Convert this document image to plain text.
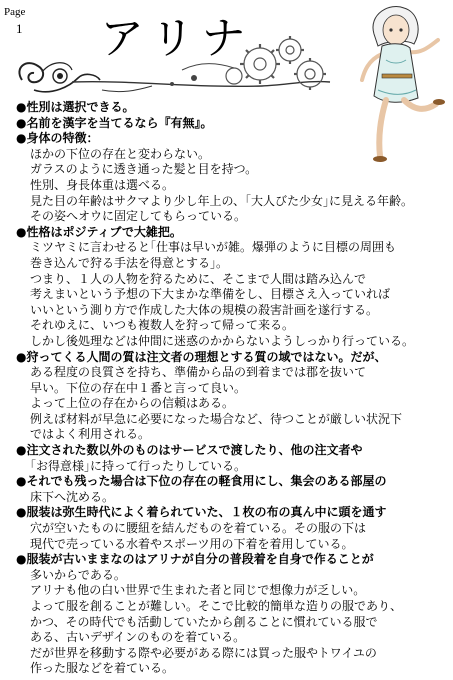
Page
1 アリナ
●性別は選択できる。
●名前を漢字を当てるなら『有無』。
●身体の特徴：
ほかの下位の存在と変わらない。
ガラスのように透き通った髪と目を持つ。
性別、身長体重は選べる。
見た目の年齢はサクマより少し年上の、｢大人びた少女｣に見える年齢。
その姿へオウに固定してもらっている。
●性格はポジティブで大雑把。
ミツヤミに言わせると｢仕事は早いが雑。爆弾のように目標の周囲も
巻き込んで狩る手法を得意とする｣。
つまり、１人の人物を狩るために、そこまで人間は踏み込んで
考えまいという予想の下大まかな準備をし、目標さえ入っていれば
いいという測り方で作成した大体の規模の殺害計画を遂行する。
それゆえに、いつも複数人を狩って帰って来る。
しかし後処理などは仲間に迷惑のかからないようしっかり行っている。
●狩ってくる人間の質は注文者の理想とする質の域ではない。だが、
ある程度の良質さを持ち、準備から品の到着までは郡を抜いて
早い。下位の存在中１番と言って良い。
よって上位の存在からの信頼はある。
例えば材料が早急に必要になった場合など、待つことが厳しい状況下
ではよく利用される。
●注文された数以外のものはサービスで渡したり、他の注文者や
｢お得意様｣に持って行ったりしている。
●それでも残った場合は下位の存在の軽食用にし、集会のある部屋の
床下へ沈める。
●服装は弥生時代によく着られていた、１枚の布の真ん中に頭を通す
穴が空いたものに腰紐を結んだものを着ている。その服の下は
現代で売っている水着やスポーツ用の下着を着用している。
●服装が古いままなのはアリナが自分の普段着を自身で作ることが
多いからである。
アリナも他の白い世界で生まれた者と同じで想像力が乏しい。
よって服を創ることが難しい。そこで比較的簡単な造りの服であり、
かつ、その時代でも活動していたから創ることに慣れている服で
ある、古いデザインのものを着ている。
だが世界を移動する際や必要がある際には買った服やトワイユの
作った服などを着ている。
